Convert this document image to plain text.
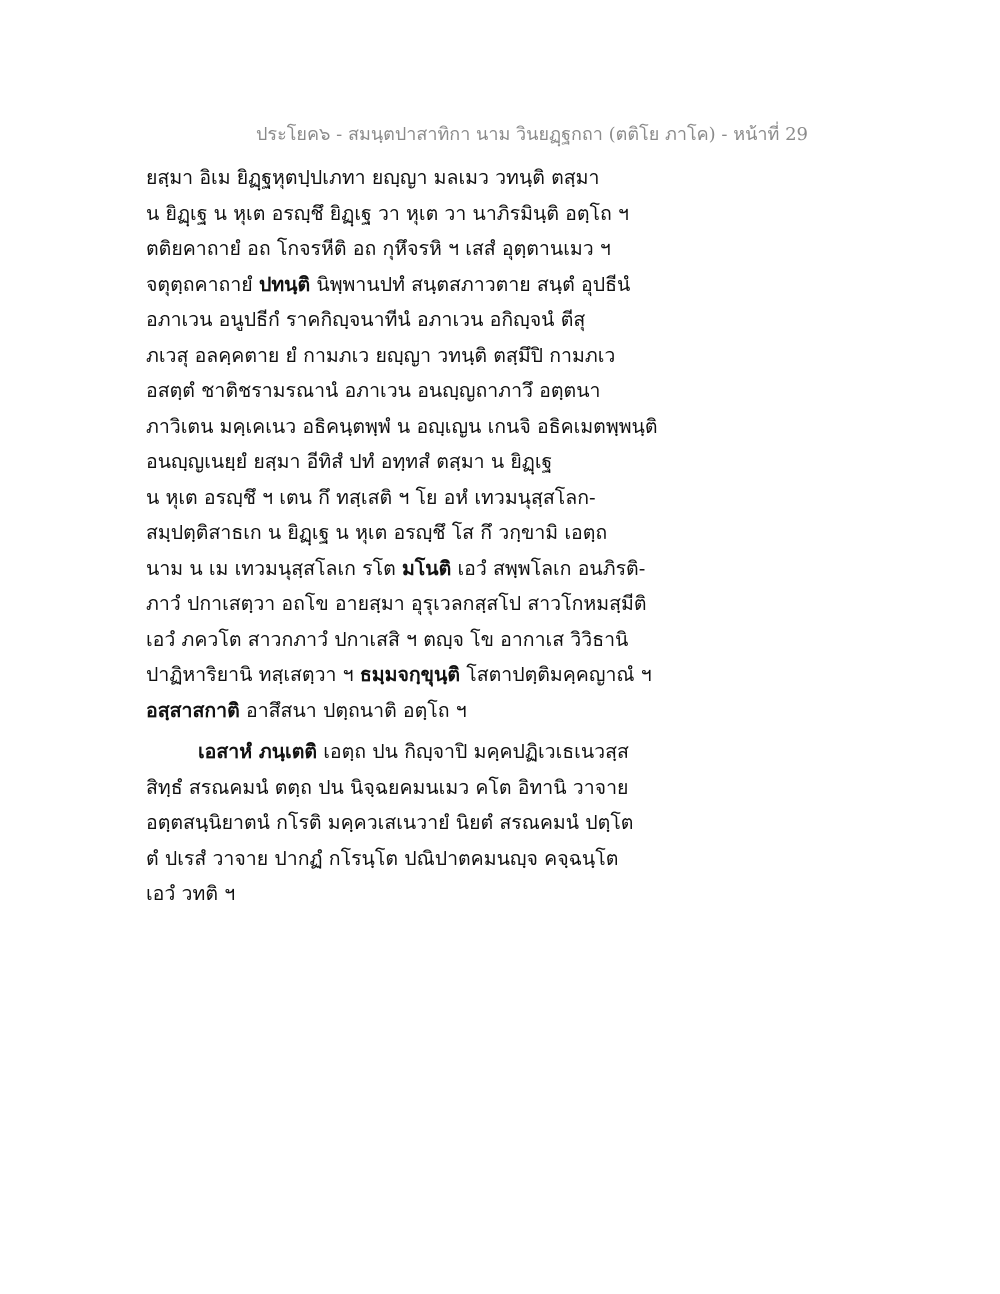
ประโยค๖ - สมนฺตปาสาทิกา นาม วินยฏฺฐกถา (ตติโย ภาโค) - หน้าที่ 29
ยสฺมา อิเม ยิฏฺฐหุตปฺปเภทา ยญฺญา มลเมว วทนฺติ ตสฺมา
น ยิฏฺเฐ น หุเต อรญฺชึ ยิฏฺเฐ วา หุเต วา นาภิรมินฺติ อตฺโถ ฯ
ตติยคาถายํ อถ โกจรหีติ อถ กุหึจรหิ ฯ เสสํ อุตฺตานเมว ฯ
จตุตฺถคาถายํ ปทนฺติ นิพฺพานปทํ สนฺตสภาวตาย สนฺตํ อุปธีนํ
อภาเวน อนูปธีกํ ราคกิญฺจนาทีนํ อภาเวน อกิญฺจนํ ตีสุ
ภเวสุ อลคฺคตาย ยํ กามภเว ยญฺญา วทนฺติ ตสฺมึปิ กามภเว
อสตฺตํ ชาติชรามรณานํ อภาเวน อนญฺญถาภาวึ อตฺตนา
ภาวิเตน มคฺเคเนว อธิคนฺตพฺพํ น อญฺเญน เกนจิ อธิคเมตพฺพนฺติ
อนญฺญเนยฺยํ ยสฺมา อีทิสํ ปทํ อทฺทสํ ตสฺมา น ยิฏฺเฐ
น หุเต อรญฺชึ ฯ เตน กึ ทสฺเสติ ฯ โย อหํ เทวมนุสฺสโลก-
สมฺปตฺติสาธเก น ยิฏฺเฐ น หุเต อรญฺชึ โส กึ วกฺขามิ เอตฺถ
นาม น เม เทวมนุสฺสโลเก รโต มโนติ เอวํ สพฺพโลเก อนภิรติ-
ภาวํ ปกาเสตฺวา อถโข อายสฺมา อุรุเวลกสฺสโป สาวโกหมสฺมีติ
เอวํ ภควโต สาวกภาวํ ปกาเสสิ ฯ ตญฺจ โข อากาเส วิวิธานิ
ปาฏิหาริยานิ ทสฺเสตฺวา ฯ ธมฺมจกฺขุนฺติ โสตาปตฺติมคฺคญาณํ ฯ
อสฺสาสกาติ อาสึสนา ปตฺถนาติ อตฺโถ ฯ
เอสาหํ ภนฺเตติ เอตฺถ ปน กิญฺจาปิ มคฺคปฏิเวเธเนวสฺส
สิทฺธํ สรณคมนํ ตตฺถ ปน นิจฺฉยคมนเมว คโต อิทานิ วาจาย
อตฺตสนฺนิยาตนํ กโรติ มคฺควเสเนวายํ นิยตํ สรณคมนํ ปตฺโต
ตํ ปเรสํ วาจาย ปากฏํ กโรนฺโต ปณิปาตคมนญฺจ คจฺฉนฺโต
เอวํ วทติ ฯ
